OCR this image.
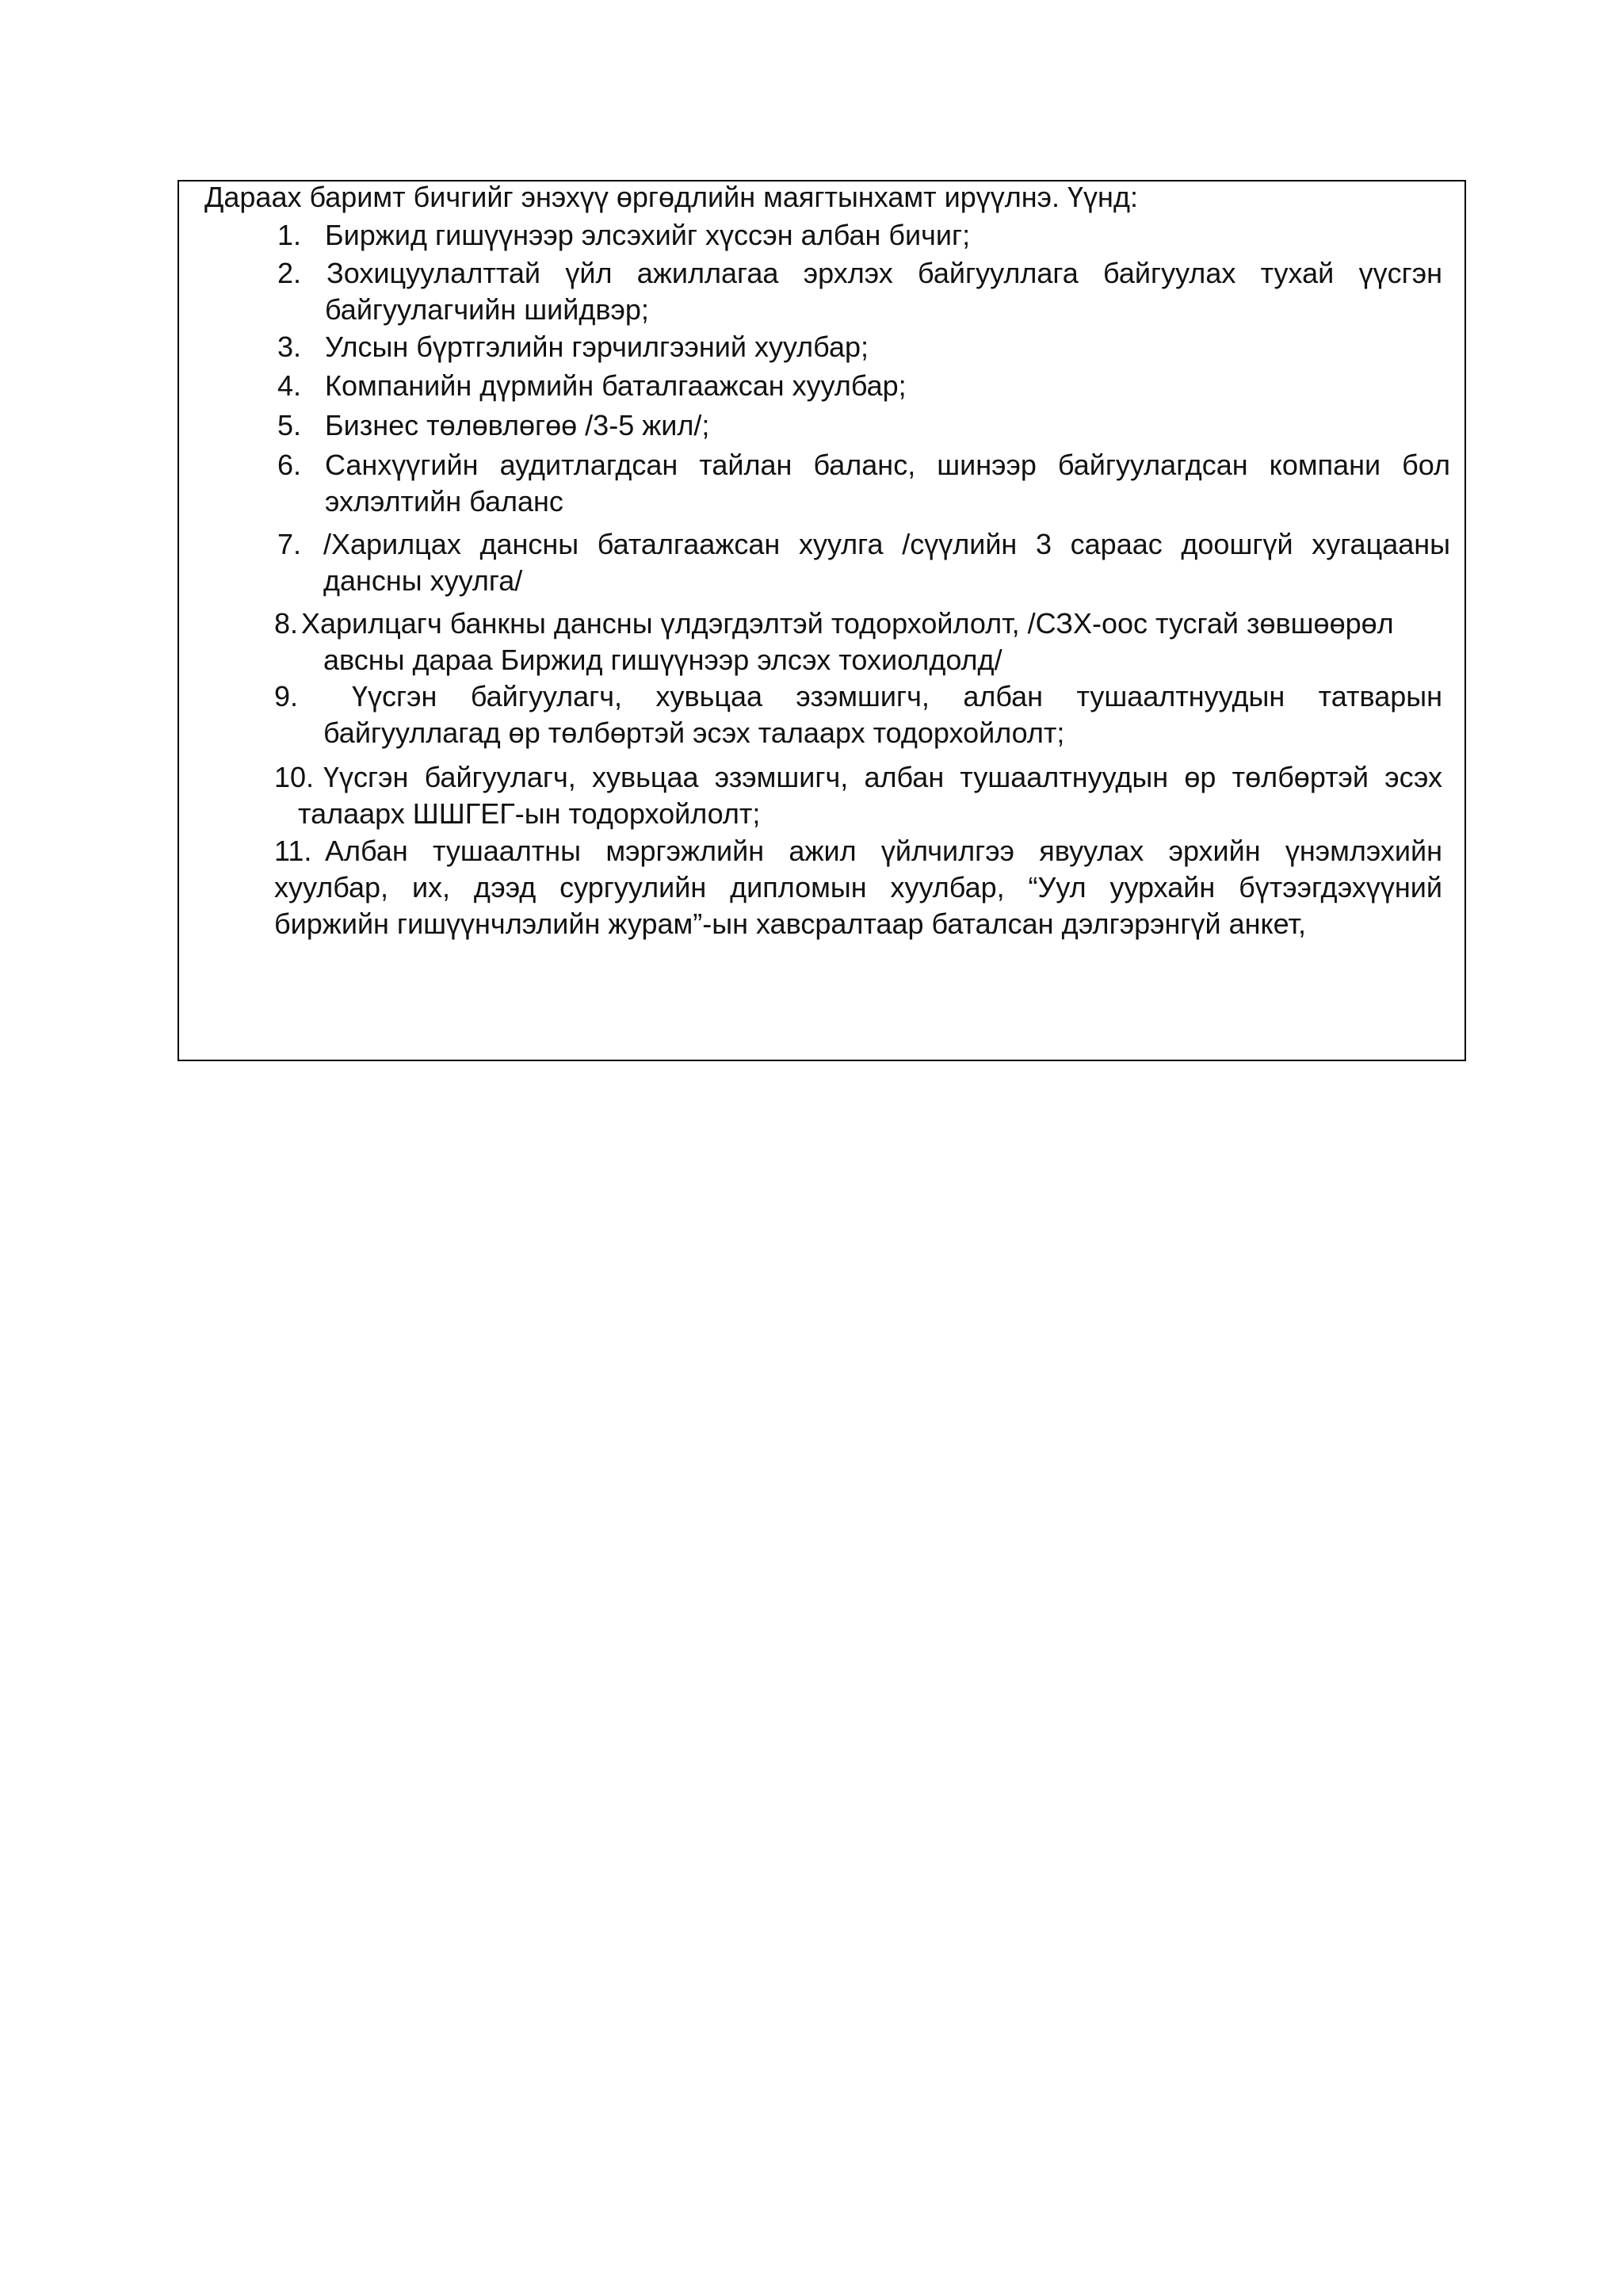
Дараах баримт бичгийг энэхүү өргөдлийн маягтынхамт ирүүлнэ. Үүнд:
1. Биржид гишүүнээр элсэхийг хүссэн албан бичиг;
2. Зохицуулалттай үйл ажиллагаа эрхлэх байгууллага байгуулах тухай үүсгэн
байгуулагчийн шийдвэр;
3. Улсын бүртгэлийн гэрчилгээний хуулбар;
4. Компанийн дүрмийн баталгаажсан хуулбар;
5. Бизнес төлөвлөгөө /3-5 жил/;
6. Санхүүгийн аудитлагдсан тайлан баланс, шинээр байгуулагдсан компани бол
эхлэлтийн баланс
7. /Харилцах дансны баталгаажсан хуулга /сүүлийн 3 сараас доошгүй хугацааны
дансны хуулга/
8. Харилцагч банкны дансны үлдэгдэлтэй тодорхойлолт, /СЗХ-оос тусгай зөвшөөрөл
авсны дараа Биржид гишүүнээр элсэх тохиолдолд/
9. Үүсгэн байгуулагч, хувьцаа эзэмшигч, албан тушаалтнуудын татварын
байгууллагад өр төлбөртэй эсэх талаарх тодорхойлолт;
10. Үүсгэн байгуулагч, хувьцаа эзэмшигч, албан тушаалтнуудын өр төлбөртэй эсэх
талаарх ШШГЕГ-ын тодорхойлолт;
11. Албан тушаалтны мэргэжлийн ажил үйлчилгээ явуулах эрхийн үнэмлэхийн
хуулбар, их, дээд сургуулийн дипломын хуулбар, “Уул уурхайн бүтээгдэхүүний
биржийн гишүүнчлэлийн журам”-ын хавсралтаар баталсан дэлгэрэнгүй анкет,
